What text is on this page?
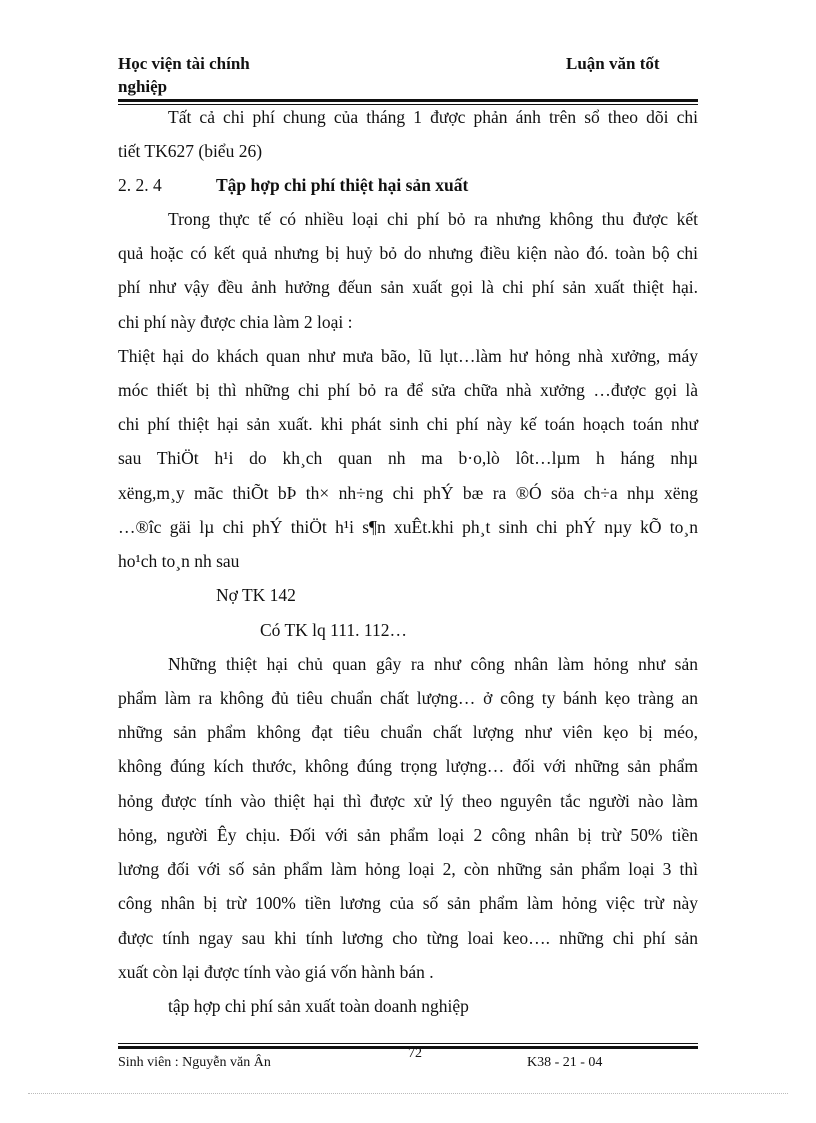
Học viện tài chính	Luận văn tốt
nghiệp
Tất cả chi phí chung của tháng 1 được phản ánh trên sổ theo dõi chi
tiết TK627 (biểu 26)
2. 2. 4	Tập hợp chi phí thiệt hại sản xuất
Trong thực tế có nhiều loại chi phí bỏ ra nhưng không thu được kết
quả hoặc có kết quả nhưng bị huỷ bỏ do nhưng điều kiện nào đó. toàn bộ chi
phí như vậy đều ảnh hưởng đếun sản xuất gọi là chi phí sản xuất thiệt hại.
chi phí này được chia làm 2 loại :
Thiệt hại do khách quan như mưa bão, lũ lụt…làm hư hỏng nhà xưởng, máy
móc thiết bị thì những chi phí bỏ ra để sửa chữa nhà xưởng …được gọi là
chi phí thiệt hại sản xuất. khi phát sinh chi phí này kế toán hoạch toán như
sau ThiÖt h¹i do kh¸ch quan nh ma b·o,lò lôt…lµm h háng nhµ
xëng,m¸y mãc thiÕt bÞ th× nh÷ng chi phÝ bæ ra ®Ó söa ch÷a nhµ xëng
…®îc gäi lµ chi phÝ thiÖt h¹i s¶n xuÊt.khi ph¸t sinh chi phÝ nµy kÕ to¸n
ho¹ch to¸n nh sau
Nợ TK 142
Có TK lq 111. 112…
Những thiệt hại chủ quan gây ra như công nhân làm hỏng như sản
phẩm làm ra không đủ tiêu chuẩn chất lượng… ở công ty bánh kẹo tràng an
những sản phẩm không đạt tiêu chuẩn chất lượng như viên kẹo bị méo,
không đúng kích thước, không đúng trọng lượng… đối với những sản phẩm
hỏng được tính vào thiệt hại thì được xử lý theo nguyên tắc người nào làm
hỏng, người Êy chịu. Đối với sản phẩm loại 2 công nhân bị trừ 50% tiền
lương đối với số sản phẩm làm hỏng loại 2, còn những sản phẩm loại 3 thì
công nhân bị trừ 100% tiền lương của số sản phẩm làm hỏng việc trừ này
được tính ngay sau khi tính lương cho từng loai keo…. những chi phí sản
xuất còn lại được tính vào giá vốn hành bán .
tập hợp chi phí sản xuất toàn doanh nghiệp
Sinh viên : Nguyễn văn Ân
72
K38 - 21 - 04
